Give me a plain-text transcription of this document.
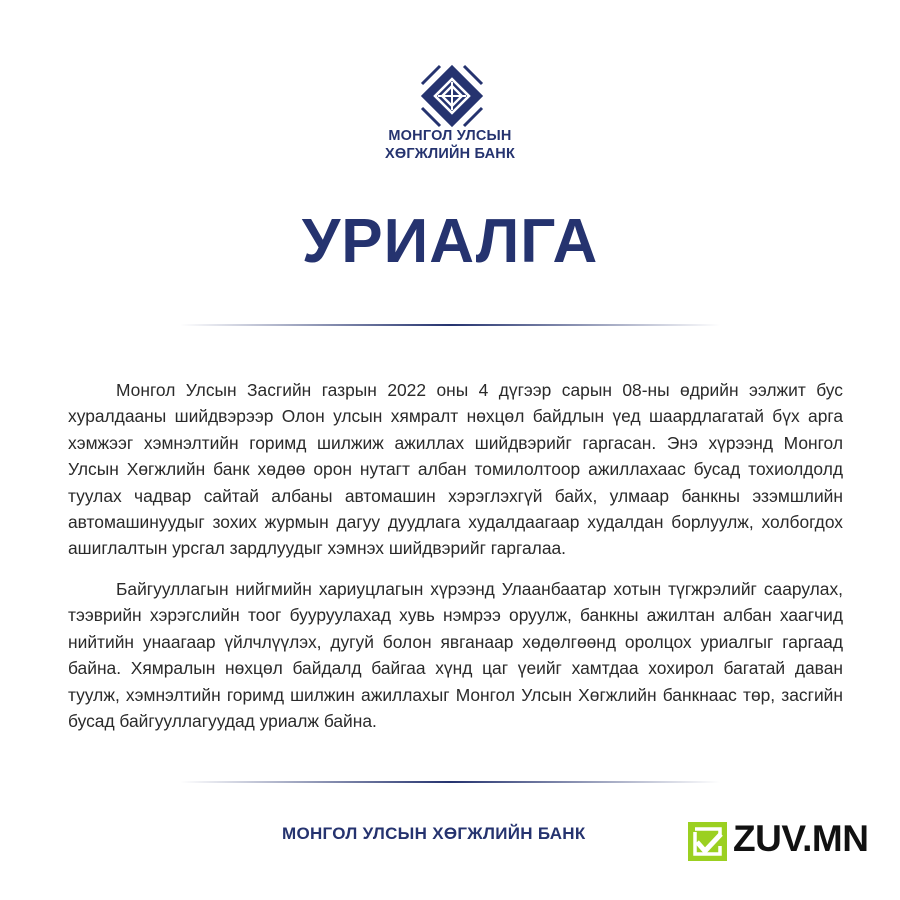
МОНГОЛ УЛСЫН
ХӨГЖЛИЙН БАНК
УРИАЛГА

Монгол Улсын Засгийн газрын 2022 оны 4 дүгээр сарын 08-ны өдрийн ээлжит бус хуралдааны шийдвэрээр Олон улсын хямралт нөхцөл байдлын үед шаардлагатай бүх арга хэмжээг хэмнэлтийн горимд шилжиж ажиллах шийдвэрийг гаргасан. Энэ хүрээнд Монгол Улсын Хөгжлийн банк хөдөө орон нутагт албан томилолтоор ажиллахаас бусад тохиолдолд туулах чадвар сайтай албаны автомашин хэрэглэхгүй байх, улмаар банкны эзэмшлийн автомашинуудыг зохих журмын дагуу дуудлага худалдаагаар худалдан борлуулж, холбогдох ашиглалтын урсгал зардлуудыг хэмнэх шийдвэрийг гаргалаа.

Байгууллагын нийгмийн хариуцлагын хүрээнд Улаанбаатар хотын түгжрэлийг саарулах, тээврийн хэрэгслийн тоог бууруулахад хувь нэмрээ оруулж, банкны ажилтан албан хаагчид нийтийн унаагаар үйлчлүүлэх, дугуй болон явганаар хөдөлгөөнд оролцох уриалгыг гаргаад байна. Хямралын нөхцөл байдалд байгаа хүнд цаг үеийг хамтдаа хохирол багатай даван туулж, хэмнэлтийн горимд шилжин ажиллахыг Монгол Улсын Хөгжлийн банкнаас төр, засгийн бусад байгууллагуудад уриалж байна.

МОНГОЛ УЛСЫН ХӨГЖЛИЙН БАНК	ZUV.MN
